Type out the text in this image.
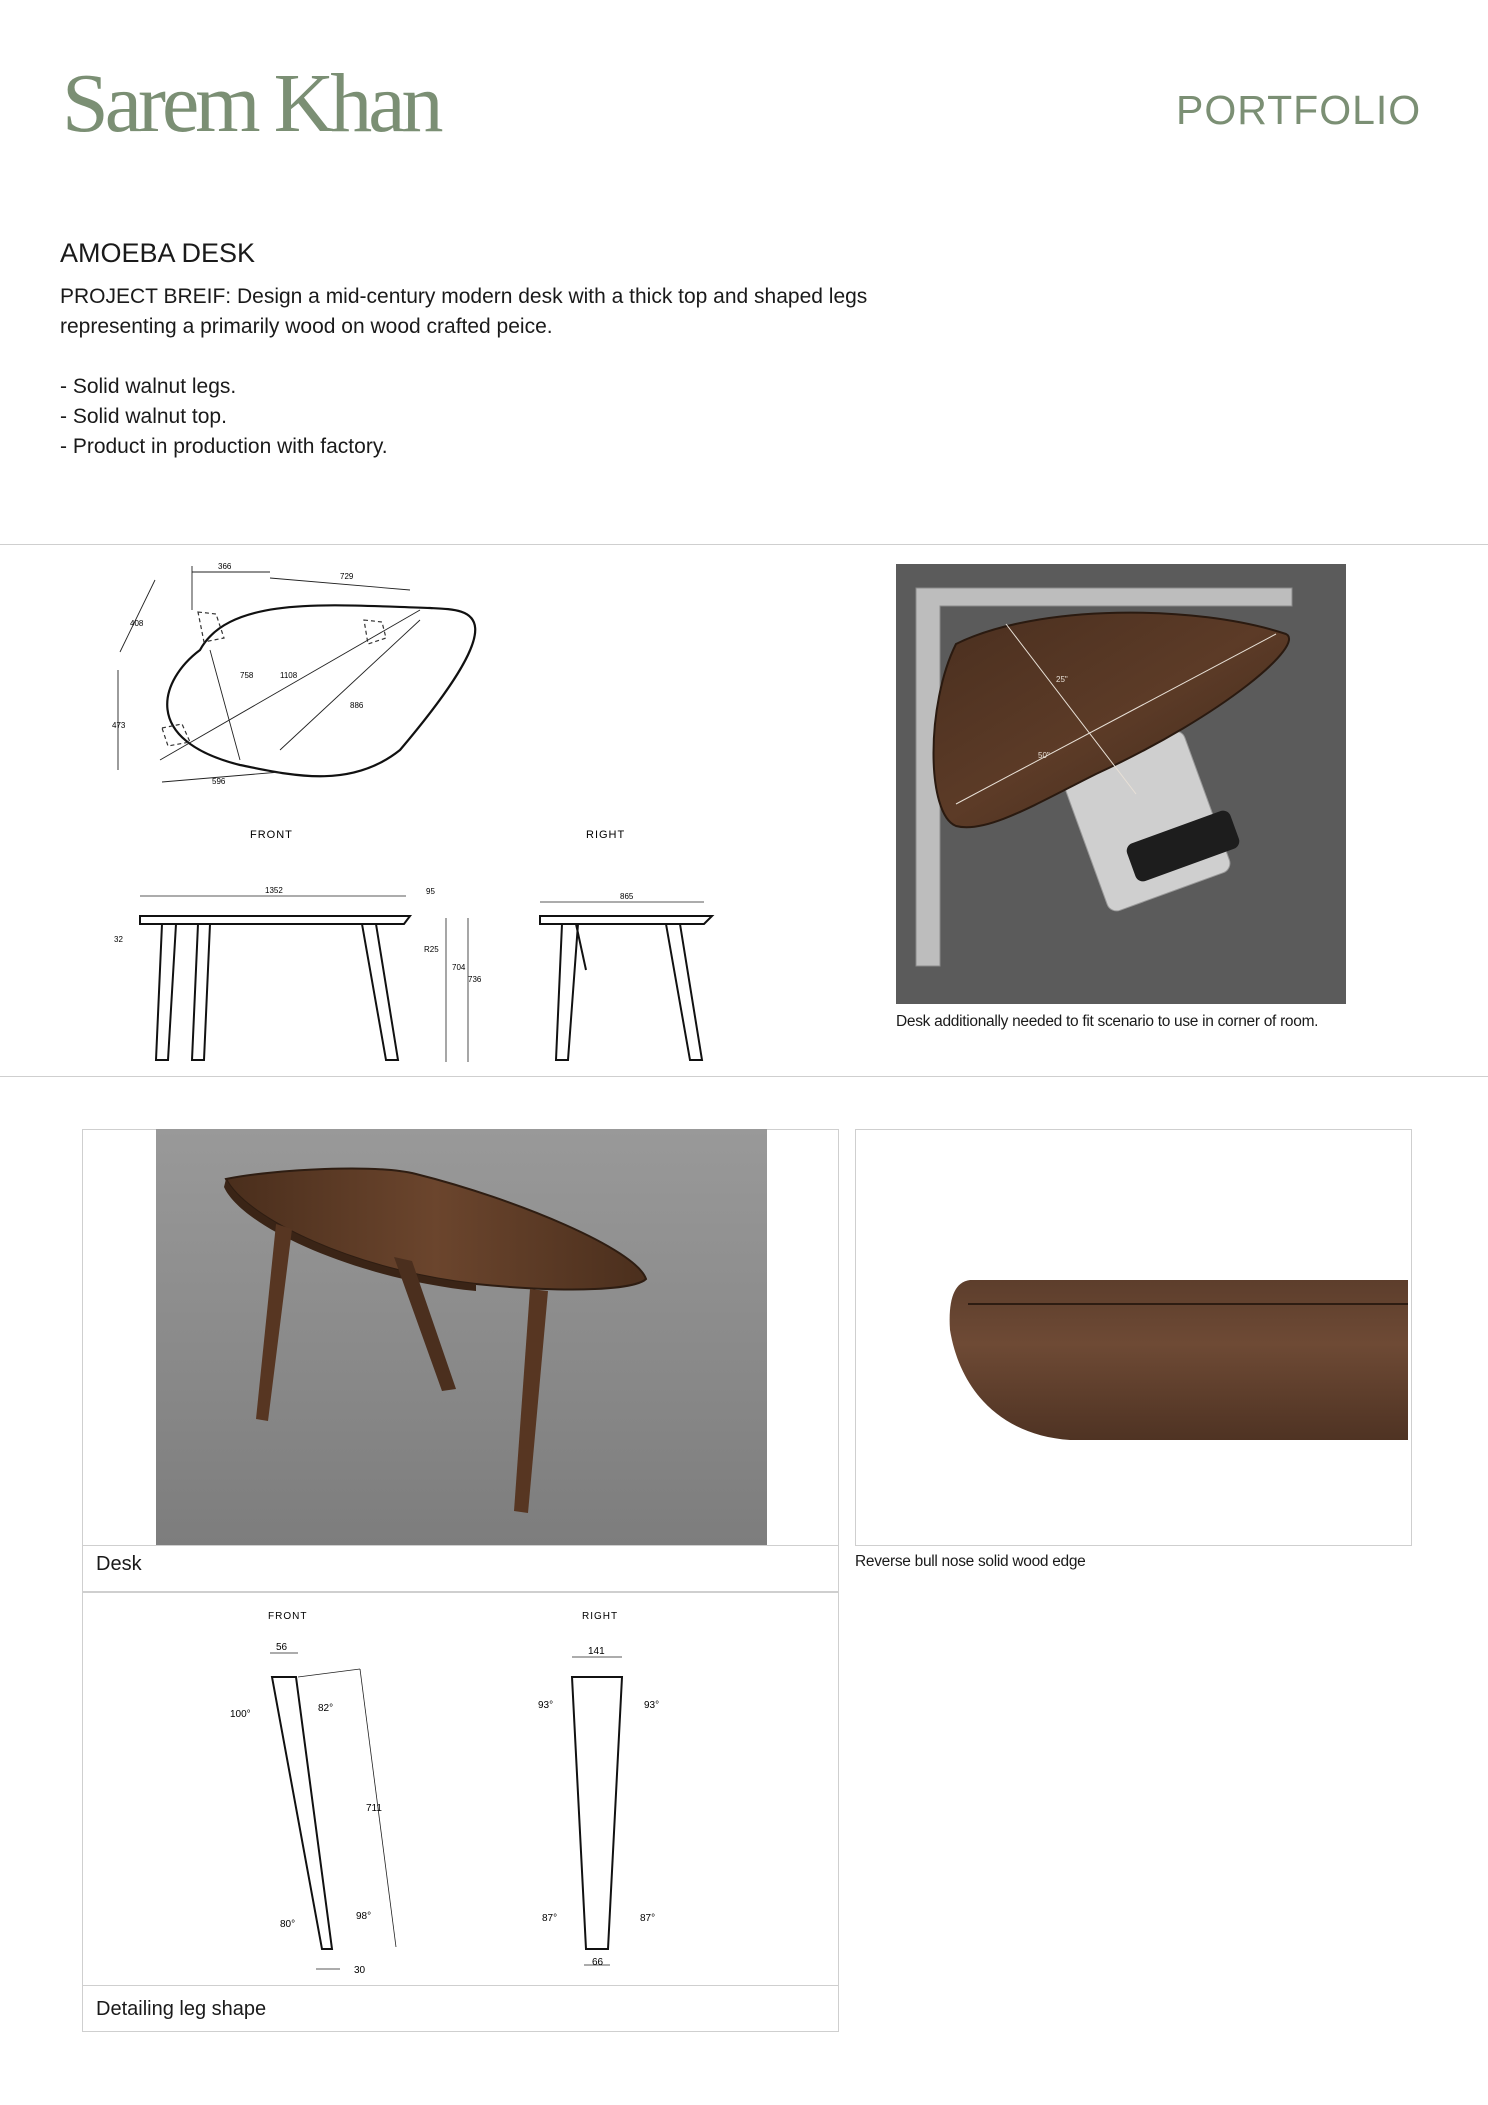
Sarem Khan	PORTFOLIO
AMOEBA DESK
PROJECT BREIF: Design a mid-century modern desk with a thick top and shaped legs representing a primarily wood on wood crafted peice.
- Solid walnut legs.
- Solid walnut top.
- Product in production with factory.
366
729
408
758	1108
886
473
596
FRONT	RIGHT
1352	95
R25
32
704
736
865
25"
50"
Desk additionally needed to fit scenario to use in corner of room.
Desk	Reverse bull nose solid wood edge
FRONT	RIGHT
56
100°
82°
711
80°
98°
30
141
93°	93°
87°	87°
66
Detailing leg shape
